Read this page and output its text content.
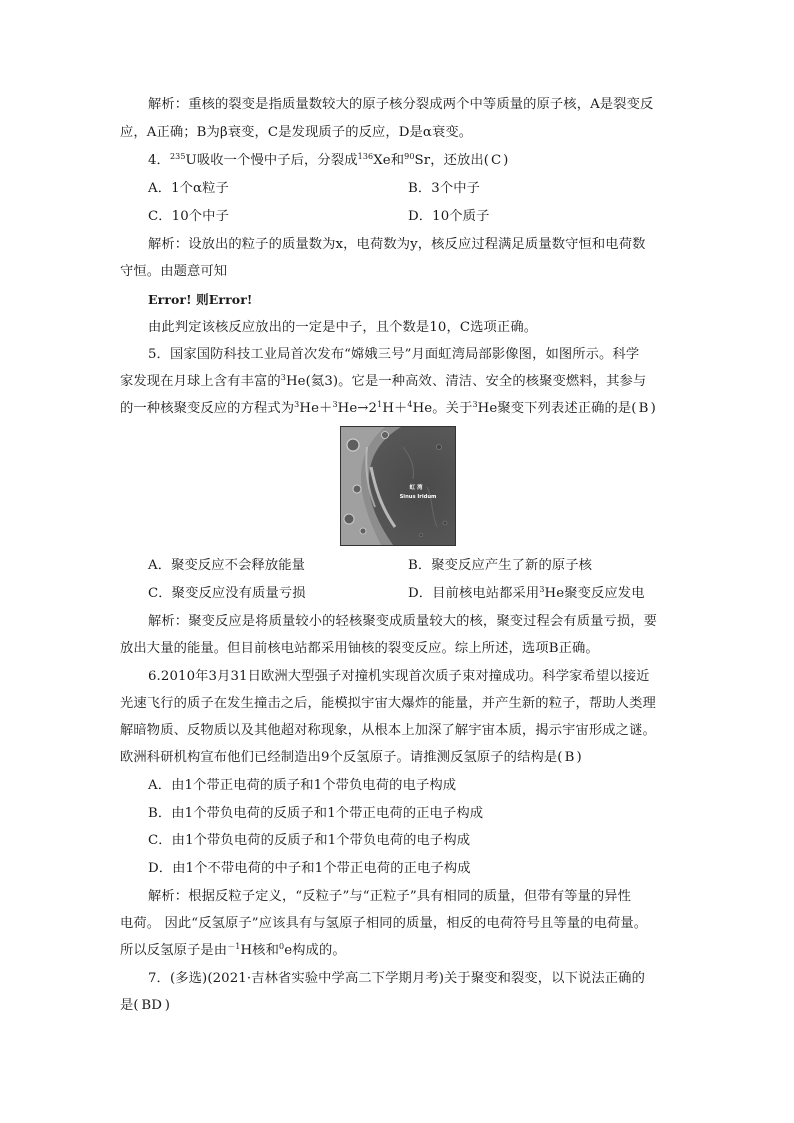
解析：重核的裂变是指质量数较大的原子核分裂成两个中等质量的原子核，A是裂变反
应，A正确；B为β衰变，C是发现质子的反应，D是α衰变。
4．$^{235}$U吸收一个慢中子后，分裂成$^{136}$Xe和$^{90}$Sr，还放出( C )
A．1个α粒子	B．3个中子
C．10个中子	D．10个质子
解析：设放出的粒子的质量数为x，电荷数为y，核反应过程满足质量数守恒和电荷数
守恒。由题意可知
Error! 则Error!
由此判定该核反应放出的一定是中子，且个数是10，C选项正确。
5．国家国防科技工业局首次发布“嫦娥三号”月面虹湾局部影像图，如图所示。科学
家发现在月球上含有丰富的$^3$He(氦3)。它是一种高效、清洁、安全的核聚变燃料，其参与
的一种核聚变反应的方程式为$^3He+^3He\to 2^1H+^4He$。关于$^3$He聚变下列表述正确的是( B )
虹 湾
Sinus Iridum
A．聚变反应不会释放能量	B．聚变反应产生了新的原子核
C．聚变反应没有质量亏损	D．目前核电站都采用$^3$He聚变反应发电
解析：聚变反应是将质量较小的轻核聚变成质量较大的核，聚变过程会有质量亏损，要
放出大量的能量。但目前核电站都采用铀核的裂变反应。综上所述，选项B正确。
6.2010年3月31日欧洲大型强子对撞机实现首次质子束对撞成功。科学家希望以接近
光速飞行的质子在发生撞击之后，能模拟宇宙大爆炸的能量，并产生新的粒子，帮助人类理
解暗物质、反物质以及其他超对称现象，从根本上加深了解宇宙本质，揭示宇宙形成之谜。
欧洲科研机构宣布他们已经制造出9个反氢原子。请推测反氢原子的结构是( B )
A．由1个带正电荷的质子和1个带负电荷的电子构成
B．由1个带负电荷的反质子和1个带正电荷的正电子构成
C．由1个带负电荷的反质子和1个带负电荷的电子构成
D．由1个不带电荷的中子和1个带正电荷的正电子构成
解析：根据反粒子定义，“反粒子”与“正粒子”具有相同的质量，但带有等量的异性
电荷。 因此“反氢原子”应该具有与氢原子相同的质量，相反的电荷符号且等量的电荷量。
所以反氢原子是由$^{-1}$H核和$^0$e构成的。
7．(多选)(2021·吉林省实验中学高二下学期月考)关于聚变和裂变，以下说法正确的
是( BD )
